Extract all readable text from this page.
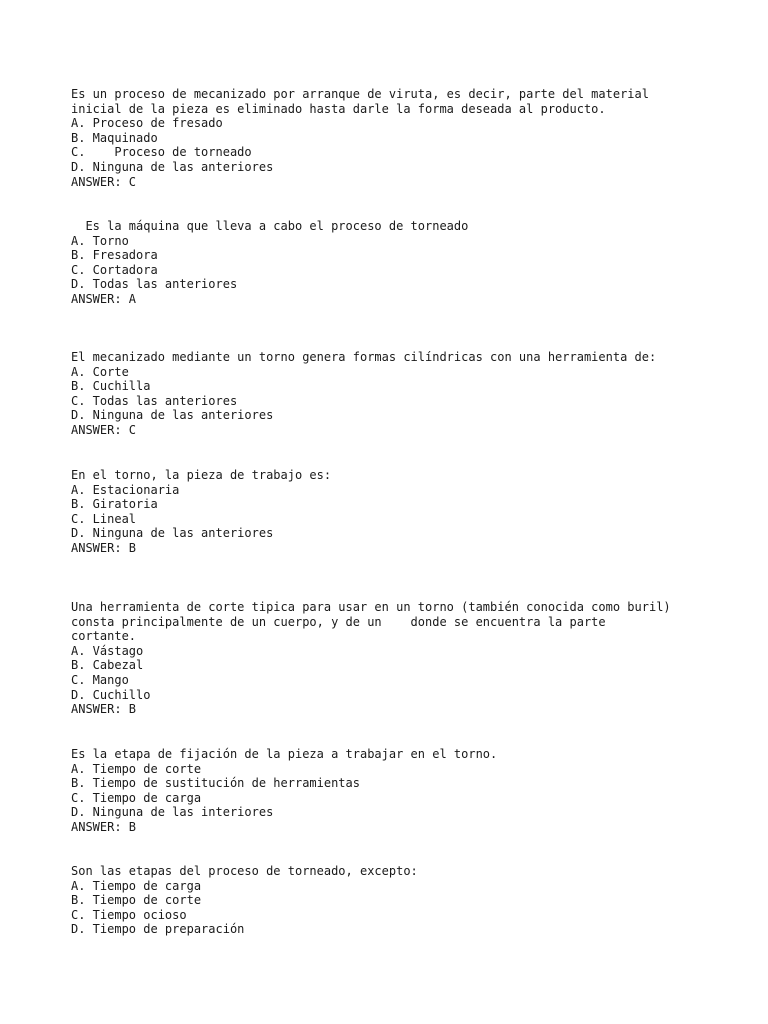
Es un proceso de mecanizado por arranque de viruta, es decir, parte del material
inicial de la pieza es eliminado hasta darle la forma deseada al producto.
A. Proceso de fresado
B. Maquinado
C.    Proceso de torneado
D. Ninguna de las anteriores
ANSWER: C
Es la máquina que lleva a cabo el proceso de torneado
A. Torno
B. Fresadora
C. Cortadora
D. Todas las anteriores
ANSWER: A
El mecanizado mediante un torno genera formas cilíndricas con una herramienta de:
A. Corte
B. Cuchilla
C. Todas las anteriores
D. Ninguna de las anteriores
ANSWER: C
En el torno, la pieza de trabajo es:
A. Estacionaria
B. Giratoria
C. Lineal
D. Ninguna de las anteriores
ANSWER: B
Una herramienta de corte tipica para usar en un torno (también conocida como buril)
consta principalmente de un cuerpo, y de un    donde se encuentra la parte
cortante.
A. Vástago
B. Cabezal
C. Mango
D. Cuchillo
ANSWER: B
Es la etapa de fijación de la pieza a trabajar en el torno.
A. Tiempo de corte
B. Tiempo de sustitución de herramientas
C. Tiempo de carga
D. Ninguna de las interiores
ANSWER: B
Son las etapas del proceso de torneado, excepto:
A. Tiempo de carga
B. Tiempo de corte
C. Tiempo ocioso
D. Tiempo de preparación
